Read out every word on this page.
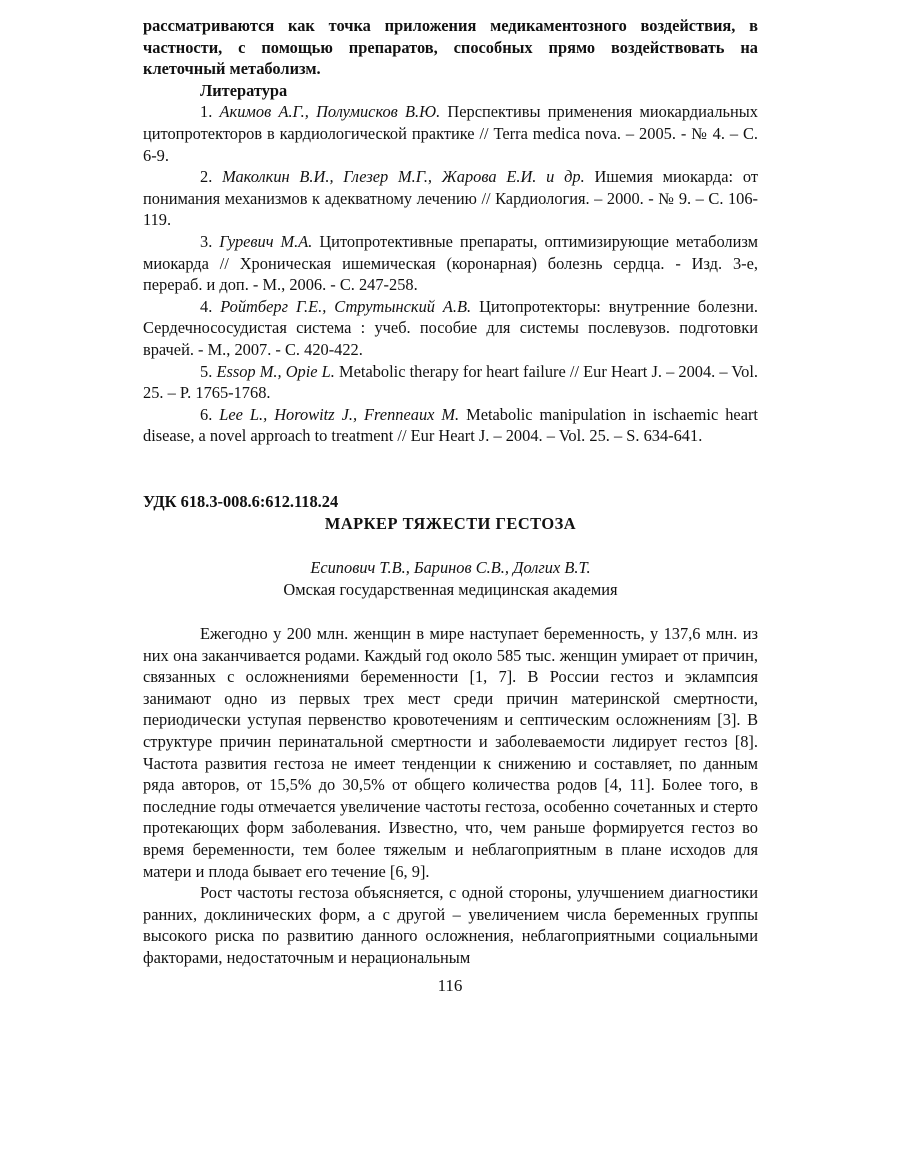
рассматриваются как точка приложения медикаментозного воздействия, в частности, с помощью препаратов, способных прямо воздействовать на клеточный метаболизм.

Литература

1. Акимов А.Г., Полумисков В.Ю. Перспективы применения миокардиальных цитопротекторов в кардиологической практике // Terra medica nova. – 2005. - № 4. – С. 6-9.

2. Маколкин В.И., Глезер М.Г., Жарова Е.И. и др. Ишемия миокарда: от понимания механизмов к адекватному лечению // Кардиология. – 2000. - № 9. – С. 106-119.

3. Гуревич М.А. Цитопротективные препараты, оптимизирующие метаболизм миокарда // Хроническая ишемическая (коронарная) болезнь сердца. - Изд. 3-е, перераб. и доп. - М., 2006. - С. 247-258.

4. Ройтберг Г.Е., Струтынский А.В. Цитопротекторы: внутренние болезни. Сердечнососудистая система : учеб. пособие для системы послевузов. подготовки врачей. - М., 2007. - С. 420-422.

5. Essop M., Opie L. Metabolic therapy for heart failure // Eur Heart J. – 2004. – Vol. 25. – P. 1765-1768.

6. Lee L., Horowitz J., Frenneaux M. Metabolic manipulation in ischaemic heart disease, a novel approach to treatment // Eur Heart J. – 2004. – Vol. 25. – S. 634-641.

УДК 618.3-008.6:612.118.24

МАРКЕР ТЯЖЕСТИ ГЕСТОЗА

Есипович Т.В., Баринов С.В., Долгих В.Т.

Омская государственная медицинская академия

Ежегодно у 200 млн. женщин в мире наступает беременность, у 137,6 млн. из них она заканчивается родами. Каждый год около 585 тыс. женщин умирает от причин, связанных с осложнениями беременности [1, 7]. В России гестоз и эклампсия занимают одно из первых трех мест среди причин материнской смертности, периодически уступая первенство кровотечениям и септическим осложнениям [3]. В структуре причин перинатальной смертности и заболеваемости лидирует гестоз [8]. Частота развития гестоза не имеет тенденции к снижению и составляет, по данным ряда авторов, от 15,5% до 30,5% от общего количества родов [4, 11]. Более того, в последние годы отмечается увеличение частоты гестоза, особенно сочетанных и стерто протекающих форм заболевания. Известно, что, чем раньше формируется гестоз во время беременности, тем более тяжелым и неблагоприятным в плане исходов для матери и плода бывает его течение [6, 9].

Рост частоты гестоза объясняется, с одной стороны, улучшением диагностики ранних, доклинических форм, а с другой – увеличением числа беременных группы высокого риска по развитию данного осложнения, неблагоприятными социальными факторами, недостаточным и нерациональным

116
